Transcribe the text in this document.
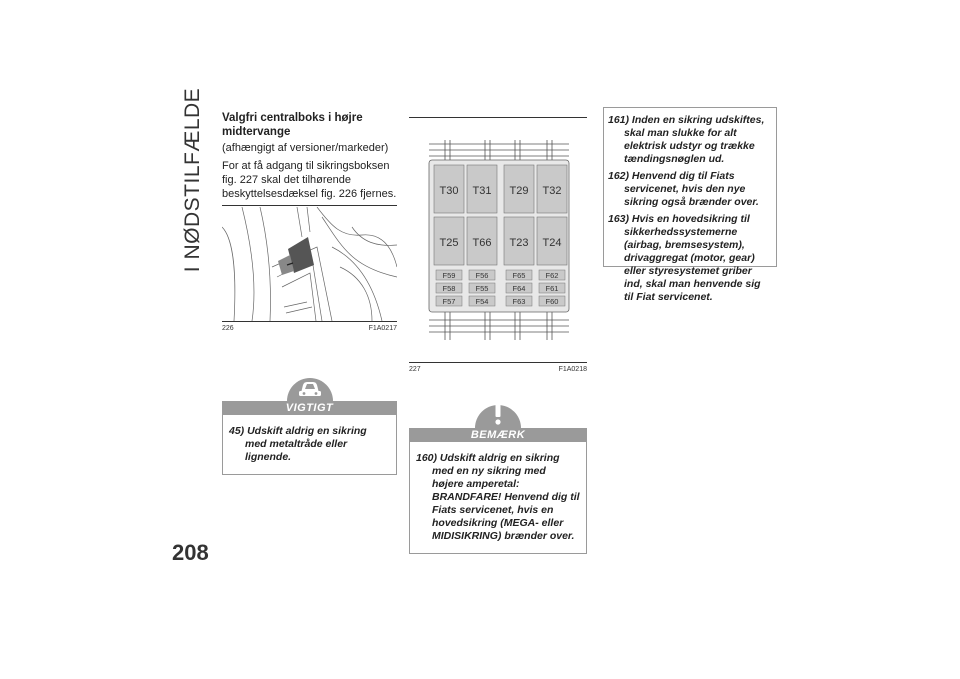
I NØDSTILFÆLDE
208
Valgfri centralboks i højre midtervange
(afhængigt af versioner/markeder)
For at få adgang til sikringsboksen fig. 227 skal det tilhørende beskyttelsesdæksel fig. 226 fjernes.
226	F1A0217
VIGTIGT
45) Udskift aldrig en sikring med metaltråde eller lignende.
T30 T31 T29 T32
T25 T66 T23 T24
F59
F58
F57
F56
F55
F54
F65
F64
F63
F62
F61
F60
227	F1A0218
BEMÆRK
160) Udskift aldrig en sikring med en ny sikring med højere amperetal: BRANDFARE! Henvend dig til Fiats servicenet, hvis en hovedsikring (MEGA- eller MIDISIKRING) brænder over.
161) Inden en sikring udskiftes, skal man slukke for alt elektrisk udstyr og trække tændingsnøglen ud.
162) Henvend dig til Fiats servicenet, hvis den nye sikring også brænder over.
163) Hvis en hovedsikring til sikkerhedssystemerne (airbag, bremsesystem), drivaggregat (motor, gear) eller styresystemet griber ind, skal man henvende sig til Fiat servicenet.
